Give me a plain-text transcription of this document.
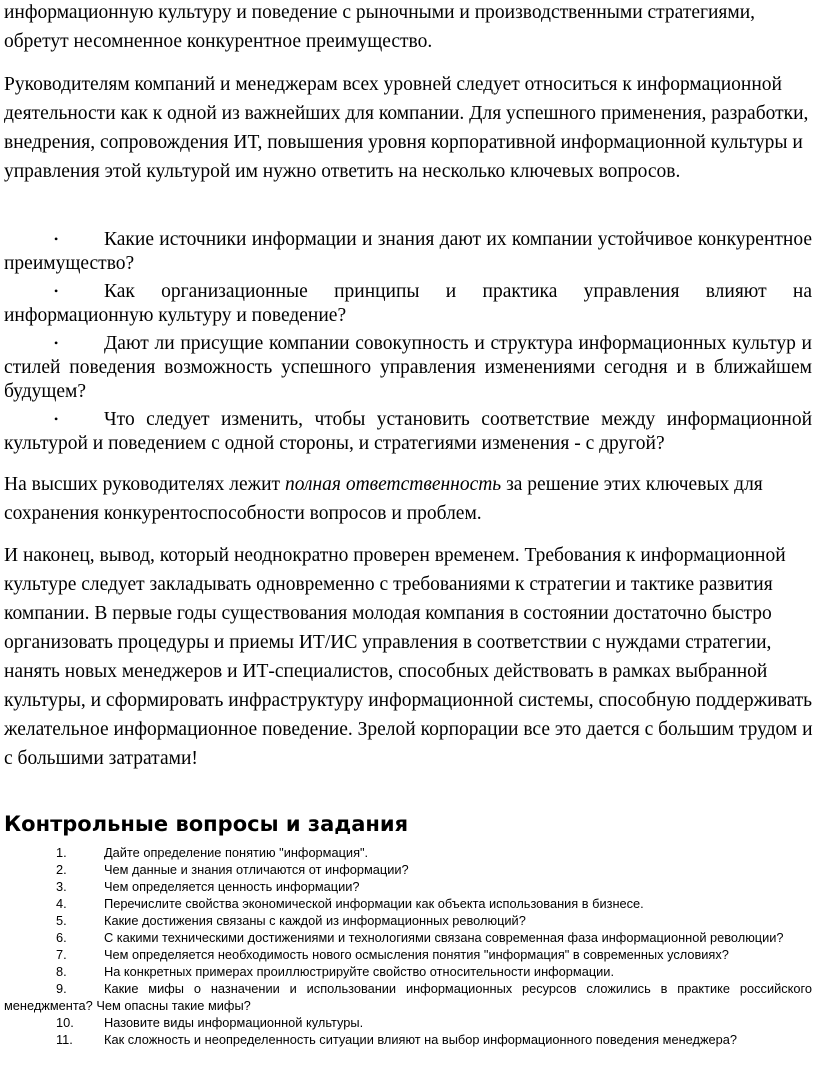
информационную культуру и поведение с рыночными и производственными стратегиями, обретут несомненное конкурентное преимущество.

Руководителям компаний и менеджерам всех уровней следует относиться к информационной деятельности как к одной из важнейших для компании. Для успешного применения, разработки, внедрения, сопровождения ИТ, повышения уровня корпоративной информационной культуры и управления этой культурой им нужно ответить на несколько ключевых вопросов.

• Какие источники информации и знания дают их компании устойчивое конкурентное преимущество?

• Как организационные принципы и практика управления влияют на информационную культуру и поведение?

• Дают ли присущие компании совокупность и структура информационных культур и стилей поведения возможность успешного управления изменениями сегодня и в ближайшем будущем?

• Что следует изменить, чтобы установить соответствие между информационной культурой и поведением с одной стороны, и стратегиями изменения - с другой?

На высших руководителях лежит полная ответственность за решение этих ключевых для сохранения конкурентоспособности вопросов и проблем.

И наконец, вывод, который неоднократно проверен временем. Требования к информационной культуре следует закладывать одновременно с требованиями к стратегии и тактике развития компании. В первые годы существования молодая компания в состоянии достаточно быстро организовать процедуры и приемы ИТ/ИС управления в соответствии с нуждами стратегии, нанять новых менеджеров и ИТ-специалистов, способных действовать в рамках выбранной культуры, и сформировать инфраструктуру информационной системы, способную поддерживать желательное информационное поведение. Зрелой корпорации все это дается с большим трудом и с большими затратами!

Контрольные вопросы и задания

1.	Дайте определение понятию "информация".

2.	Чем данные и знания отличаются от информации?

3.	Чем определяется ценность информации?

4.	Перечислите свойства экономической информации как объекта использования в бизнесе.

5.	Какие достижения связаны с каждой из информационных революций?

6.	С какими техническими достижениями и технологиями связана современная фаза информационной революции?

7.	Чем определяется необходимость нового осмысления понятия "информация" в современных условиях?

8.	На конкретных примерах проиллюстрируйте свойство относительности информации.

9.	Какие мифы о назначении и использовании информационных ресурсов сложились в практике российского менеджмента? Чем опасны такие мифы?

10. Назовите виды информационной культуры.

11. Как сложность и неопределенность ситуации влияют на выбор информационного поведения менеджера?
